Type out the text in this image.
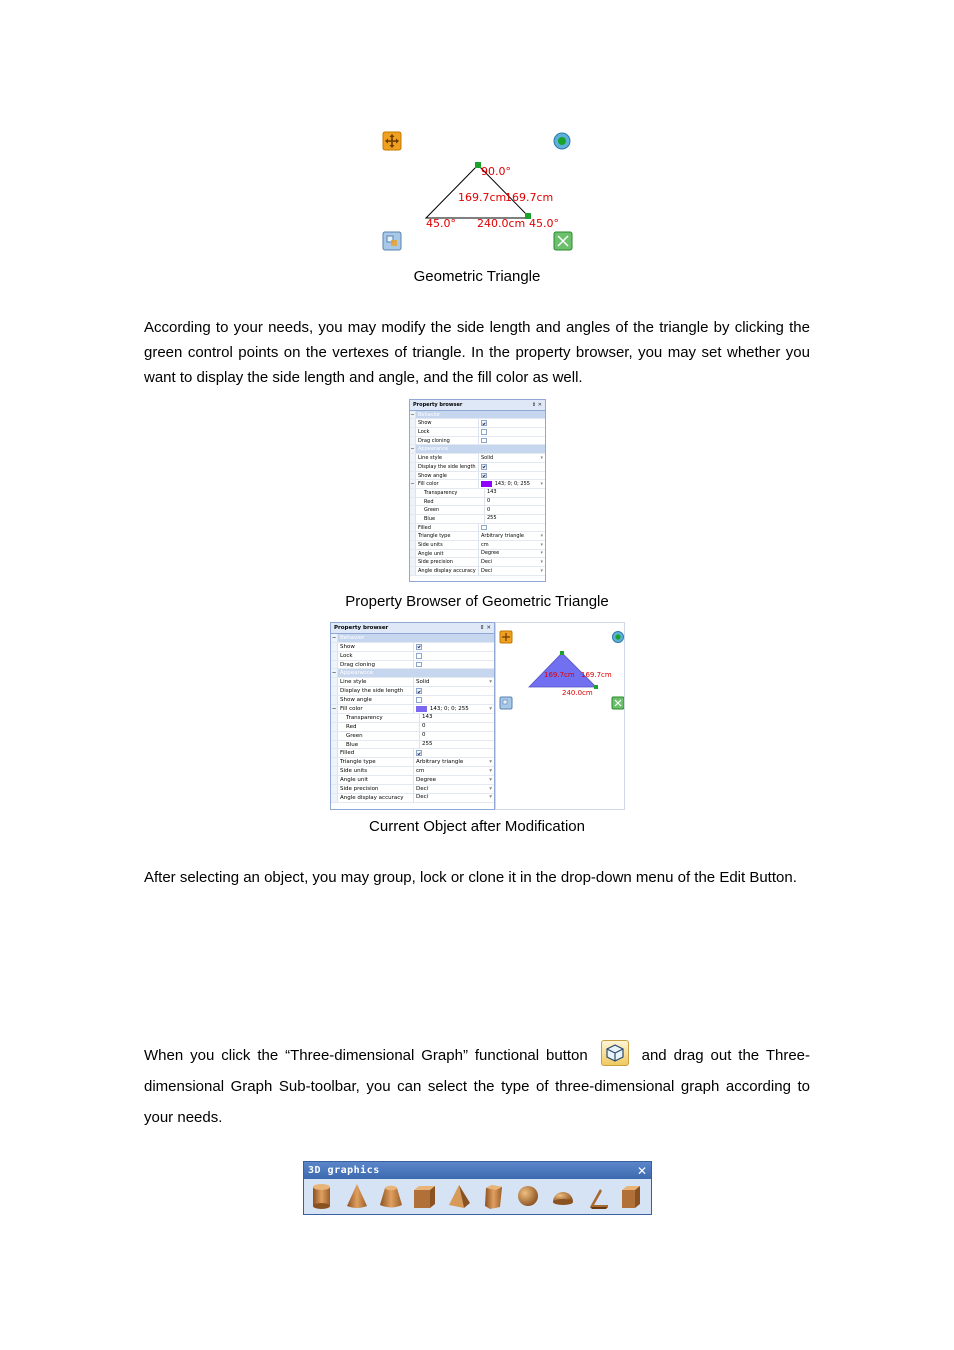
90.0°
169.7cm
169.7cm
45.0° 240.0cm 45.0°
Geometric Triangle
According to your needs, you may modify the side length and angles of the triangle by clicking the green control points on the vertexes of triangle. In the property browser, you may set whether you want to display the side length and angle, and the fill color as well.
Property browser	⇕ ✕
− Behavior
Show
Lock
Drag cloning
− Appearance
Line style	Solid	▾
Display the side length
Show angle
− Fill color	143; 0; 0; 255 ▾
Transparency	143
Red	0
Green	0
Blue	255
Filled
Triangle type	Arbitrary triangle	▾
Side units	cm	▾
Angle unit	Degree	▾
Side precision	Deci	▾
Angle display accuracy	Deci	▾
Property Browser of Geometric Triangle
Property browser	⇕ ✕
− Behavior
Show
Lock
Drag cloning
− Appearance
Line style	Solid	▾
Display the side length
Show angle
− Fill color	143; 0; 0; 255	▾
Transparency	143
Red	0
Green	0
Blue	255
Filled
Triangle type	Arbitrary triangle	▾
Side units	cm	▾
Angle unit	Degree	▾
Side precision	Deci	▾
Angle display accuracy	Deci	▾
169.7cm 169.7cm
240.0cm
Current Object after Modification
After selecting an object, you may group, lock or clone it in the drop-down menu of the Edit Button.
When you click the “Three-dimensional Graph” functional button	and drag out the Three-dimensional Graph Sub-toolbar, you can select the type of three-dimensional graph according to your needs.
3D graphics	✕
